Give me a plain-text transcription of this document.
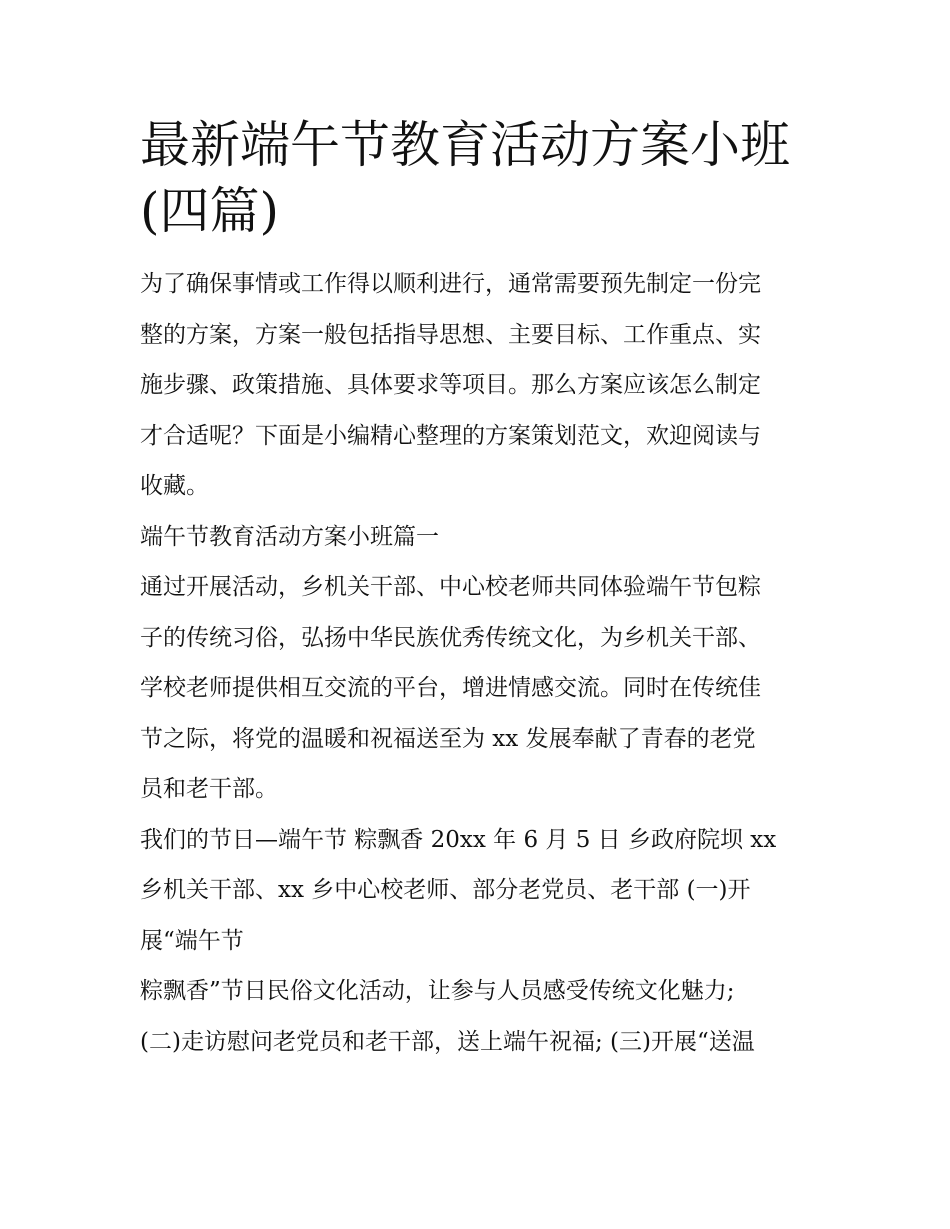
最新端午节教育活动方案小班
(四篇)

为了确保事情或工作得以顺利进行，通常需要预先制定一份完
整的方案，方案一般包括指导思想、主要目标、工作重点、实
施步骤、政策措施、具体要求等项目。那么方案应该怎么制定
才合适呢？下面是小编精心整理的方案策划范文，欢迎阅读与
收藏。

端午节教育活动方案小班篇一

通过开展活动，乡机关干部、中心校老师共同体验端午节包粽
子的传统习俗，弘扬中华民族优秀传统文化，为乡机关干部、
学校老师提供相互交流的平台，增进情感交流。同时在传统佳
节之际，将党的温暖和祝福送至为 xx 发展奉献了青春的老党
员和老干部。

我们的节日—端午节 粽飘香 20xx 年 6 月 5 日 乡政府院坝 xx
乡机关干部、xx 乡中心校老师、部分老党员、老干部 (一)开
展“端午节

粽飘香”节日民俗文化活动，让参与人员感受传统文化魅力;
(二)走访慰问老党员和老干部，送上端午祝福; (三)开展“送温
